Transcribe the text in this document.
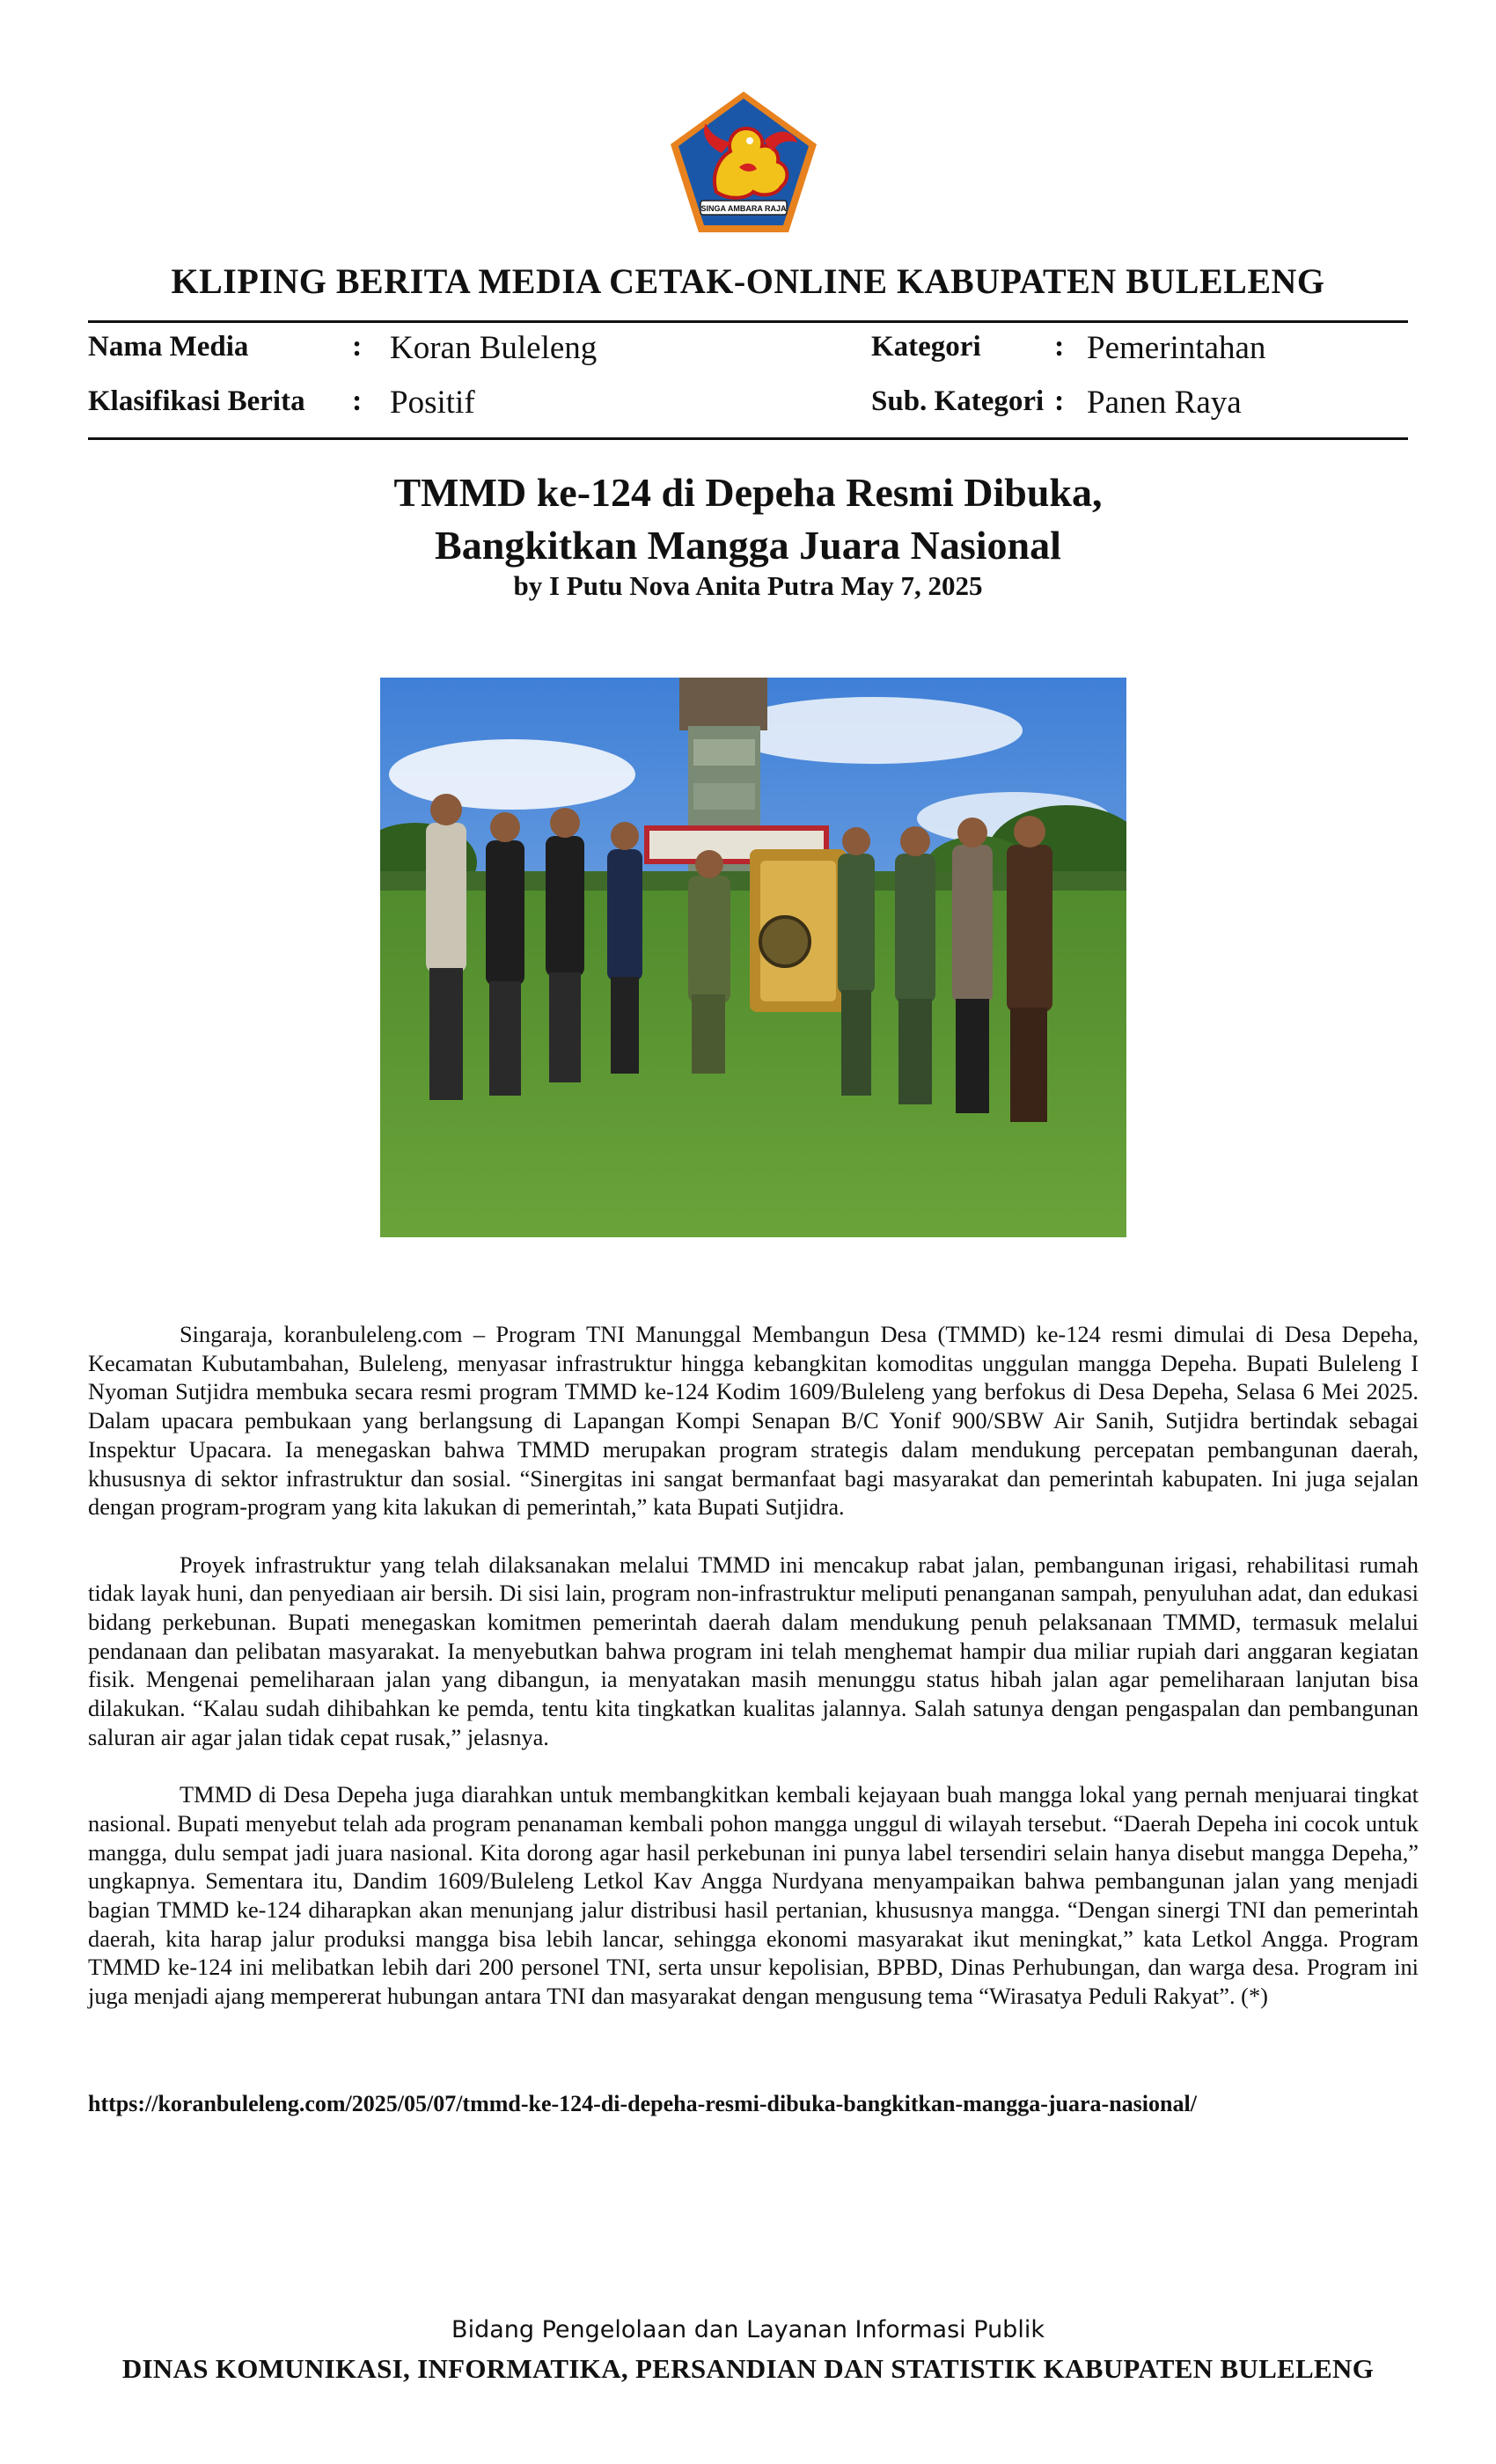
SINGA AMBARA RAJA
KLIPING BERITA MEDIA CETAK-ONLINE KABUPATEN BULELENG
Nama Media	: Koran Buleleng
Klasifikasi Berita : Positif
Kategori : Pemerintahan
Sub. Kategori : Panen Raya
TMMD ke-124 di Depeha Resmi Dibuka,
Bangkitkan Mangga Juara Nasional
by I Putu Nova Anita Putra May 7, 2025

Singaraja, koranbuleleng.com – Program TNI Manunggal Membangun Desa (TMMD) ke-124 resmi dimulai di Desa Depeha, Kecamatan Kubutambahan, Buleleng, menyasar infrastruktur hingga kebangkitan komoditas unggulan mangga Depeha. Bupati Buleleng I Nyoman Sutjidra membuka secara resmi program TMMD ke-124 Kodim 1609/Buleleng yang berfokus di Desa Depeha, Selasa 6 Mei 2025. Dalam upacara pembukaan yang berlangsung di Lapangan Kompi Senapan B/C Yonif 900/SBW Air Sanih, Sutjidra bertindak sebagai Inspektur Upacara. Ia menegaskan bahwa TMMD merupakan program strategis dalam mendukung percepatan pembangunan daerah, khususnya di sektor infrastruktur dan sosial. “Sinergitas ini sangat bermanfaat bagi masyarakat dan pemerintah kabupaten. Ini juga sejalan dengan program-program yang kita lakukan di pemerintah,” kata Bupati Sutjidra.

Proyek infrastruktur yang telah dilaksanakan melalui TMMD ini mencakup rabat jalan, pembangunan irigasi, rehabilitasi rumah tidak layak huni, dan penyediaan air bersih. Di sisi lain, program non-infrastruktur meliputi penanganan sampah, penyuluhan adat, dan edukasi bidang perkebunan. Bupati menegaskan komitmen pemerintah daerah dalam mendukung penuh pelaksanaan TMMD, termasuk melalui pendanaan dan pelibatan masyarakat. Ia menyebutkan bahwa program ini telah menghemat hampir dua miliar rupiah dari anggaran kegiatan fisik. Mengenai pemeliharaan jalan yang dibangun, ia menyatakan masih menunggu status hibah jalan agar pemeliharaan lanjutan bisa dilakukan. “Kalau sudah dihibahkan ke pemda, tentu kita tingkatkan kualitas jalannya. Salah satunya dengan pengaspalan dan pembangunan saluran air agar jalan tidak cepat rusak,” jelasnya.

TMMD di Desa Depeha juga diarahkan untuk membangkitkan kembali kejayaan buah mangga lokal yang pernah menjuarai tingkat nasional. Bupati menyebut telah ada program penanaman kembali pohon mangga unggul di wilayah tersebut. “Daerah Depeha ini cocok untuk mangga, dulu sempat jadi juara nasional. Kita dorong agar hasil perkebunan ini punya label tersendiri selain hanya disebut mangga Depeha,” ungkapnya. Sementara itu, Dandim 1609/Buleleng Letkol Kav Angga Nurdyana menyampaikan bahwa pembangunan jalan yang menjadi bagian TMMD ke-124 diharapkan akan menunjang jalur distribusi hasil pertanian, khususnya mangga. “Dengan sinergi TNI dan pemerintah daerah, kita harap jalur produksi mangga bisa lebih lancar, sehingga ekonomi masyarakat ikut meningkat,” kata Letkol Angga. Program TMMD ke-124 ini melibatkan lebih dari 200 personel TNI, serta unsur kepolisian, BPBD, Dinas Perhubungan, dan warga desa. Program ini juga menjadi ajang mempererat hubungan antara TNI dan masyarakat dengan mengusung tema “Wirasatya Peduli Rakyat”. (*)

https://koranbuleleng.com/2025/05/07/tmmd-ke-124-di-depeha-resmi-dibuka-bangkitkan-mangga-juara-nasional/
Bidang Pengelolaan dan Layanan Informasi Publik
DINAS KOMUNIKASI, INFORMATIKA, PERSANDIAN DAN STATISTIK KABUPATEN BULELENG
